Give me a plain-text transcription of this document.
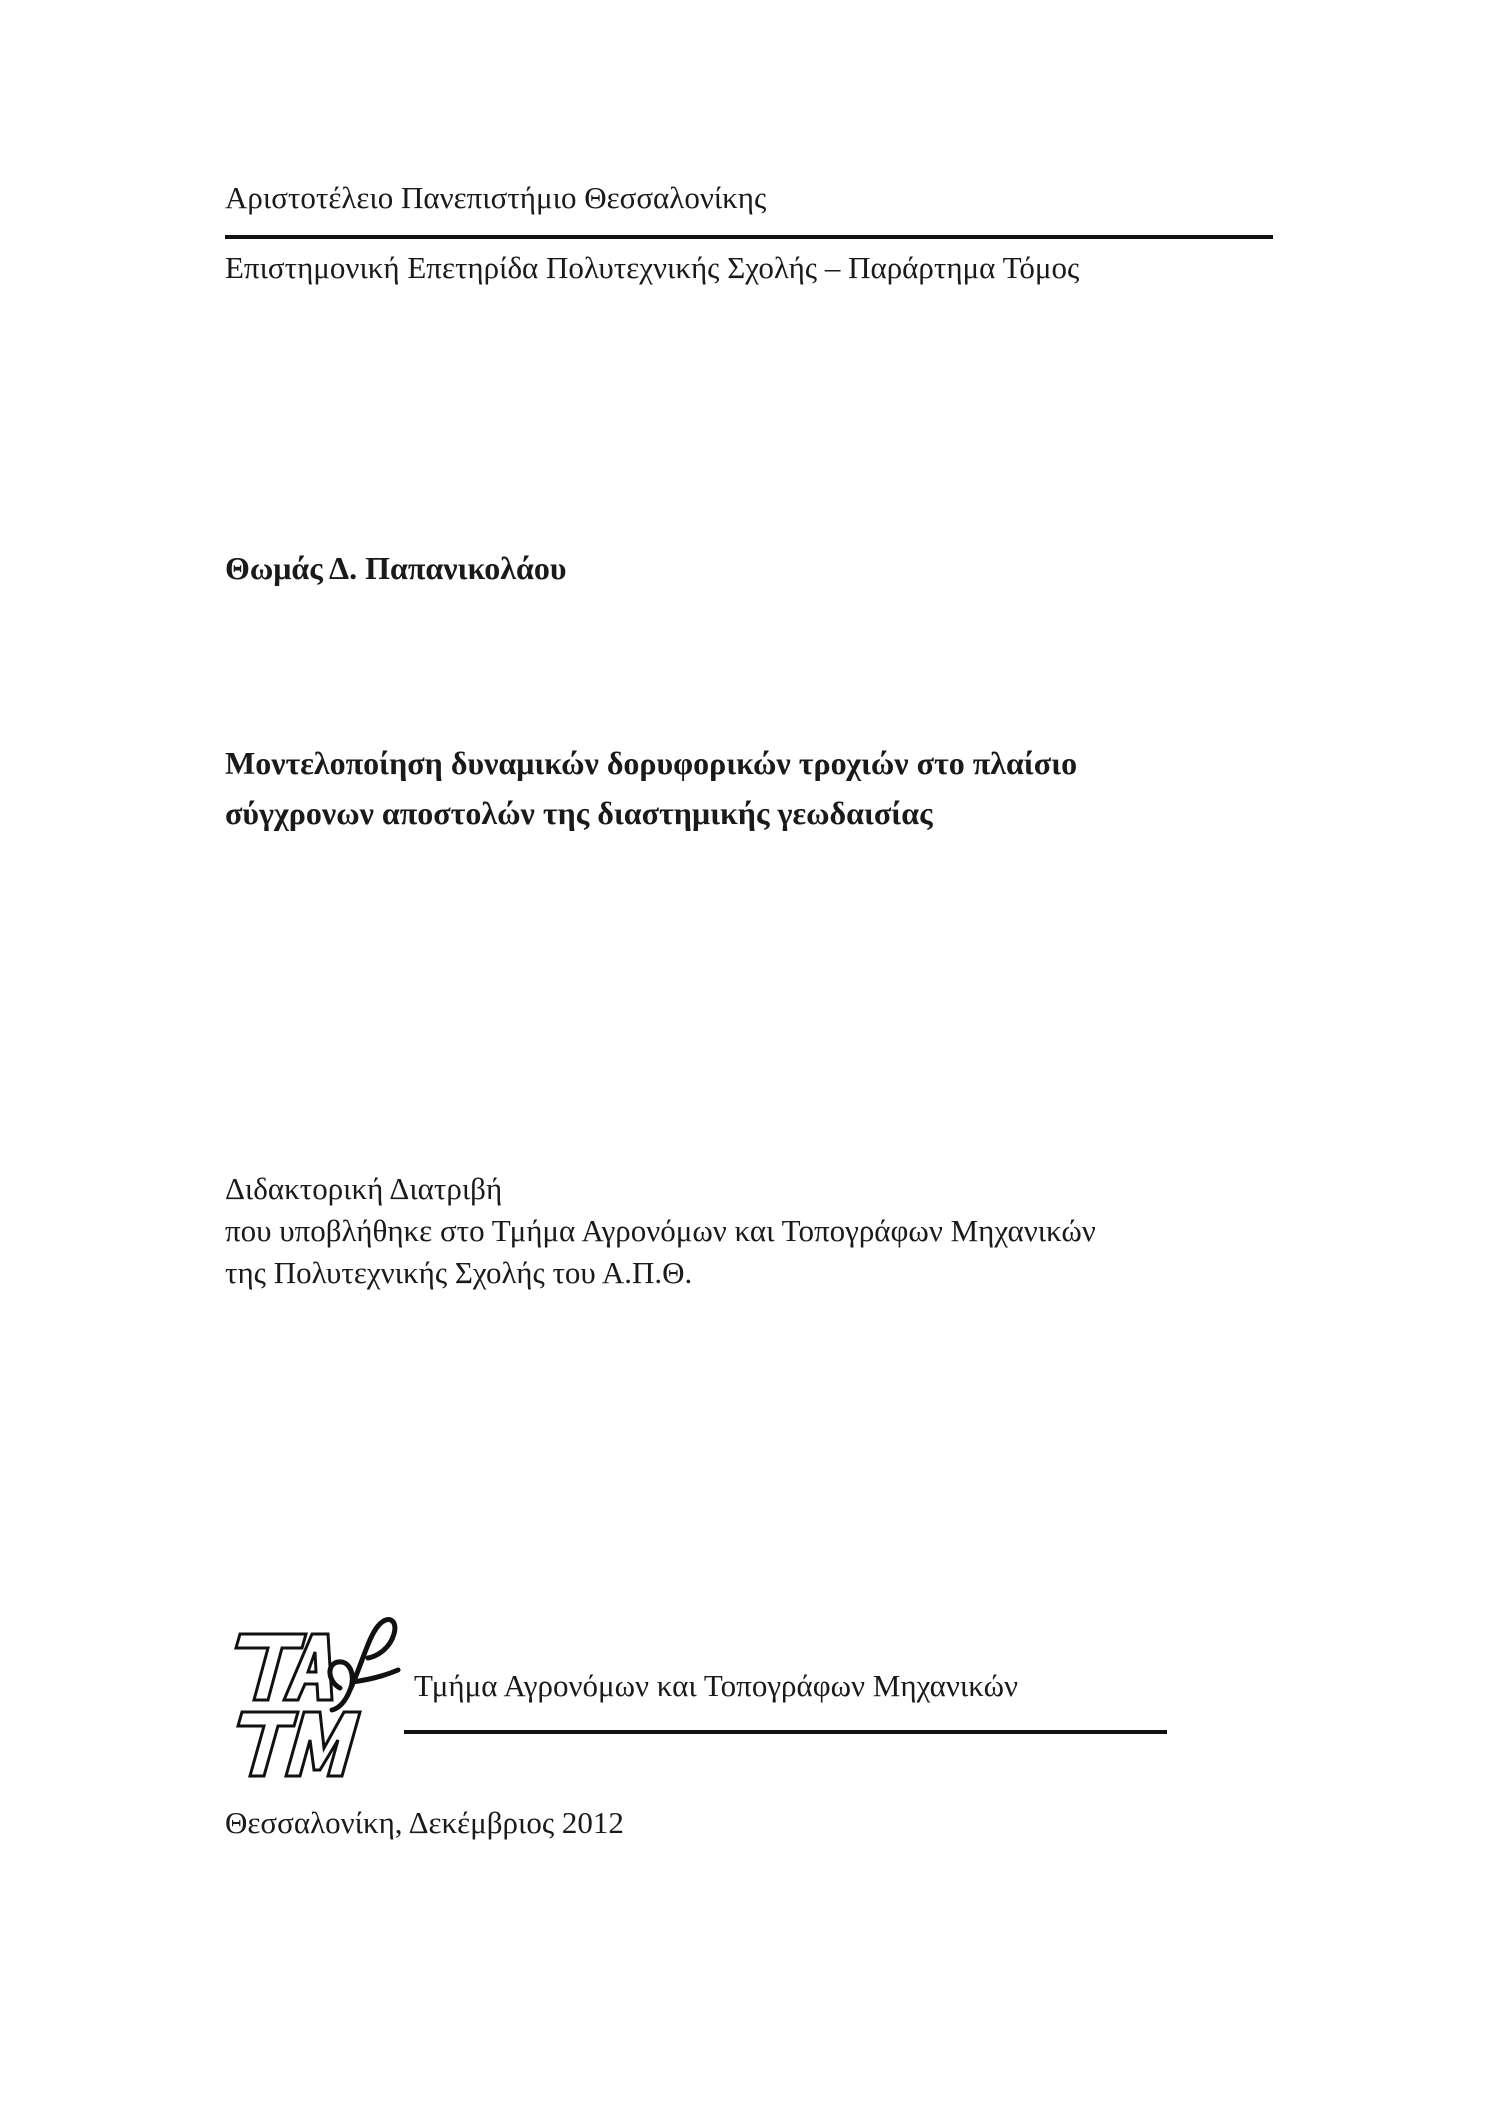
Αριστοτέλειο Πανεπιστήμιο Θεσσαλονίκης
Επιστημονική Επετηρίδα Πολυτεχνικής Σχολής – Παράρτημα Τόμος
Θωμάς Δ. Παπανικολάου
Μοντελοποίηση δυναμικών δορυφορικών τροχιών στο πλαίσιο
σύγχρονων αποστολών της διαστημικής γεωδαισίας
Διδακτορική Διατριβή
που υποβλήθηκε στο Τμήμα Αγρονόμων και Τοπογράφων Μηχανικών
της Πολυτεχνικής Σχολής του Α.Π.Θ.
Τμήμα Αγρονόμων και Τοπογράφων Μηχανικών
Θεσσαλονίκη, Δεκέμβριος 2012
